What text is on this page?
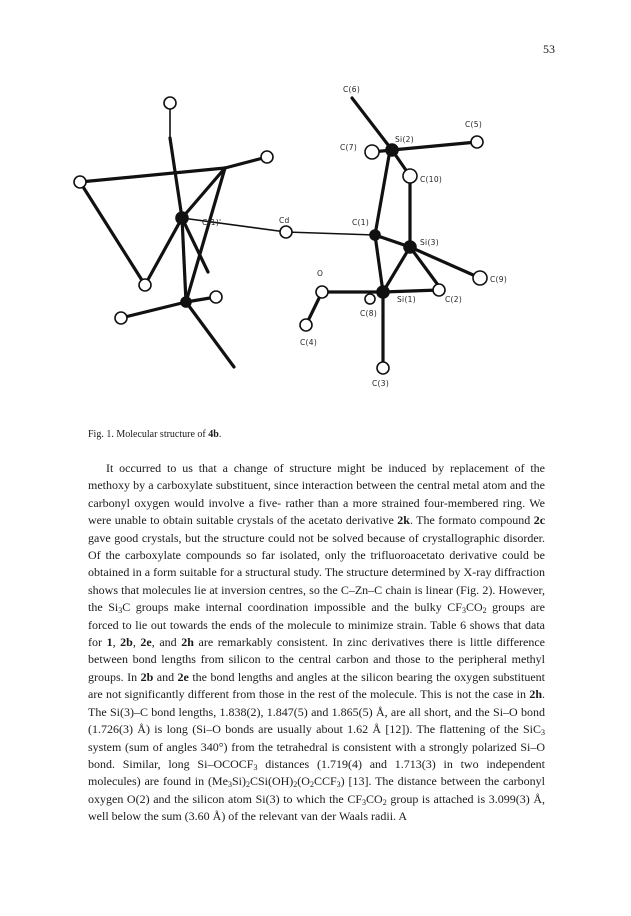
53
C(6)
C(5)
C(7)
Si(2)
C(10)
C(1)'	Cd	C(1)
Si(3)
C(9)
O
Si(1)	C(2)
C(8)
C(4)
C(3)
Fig. 1. Molecular structure of 4b.

It occurred to us that a change of structure might be induced by replacement of the methoxy by a carboxylate substituent, since interaction between the central metal atom and the carbonyl oxygen would involve a five- rather than a more strained four-membered ring. We were unable to obtain suitable crystals of the acetato derivative 2k. The formato compound 2c gave good crystals, but the structure could not be solved because of crystallographic disorder. Of the carboxylate compounds so far isolated, only the trifluoroacetato derivative could be obtained in a form suitable for a structural study. The structure determined by X-ray diffraction shows that molecules lie at inversion centres, so the C–Zn–C chain is linear (Fig. 2). However, the $Si_3C$ groups make internal coordination impossible and the bulky $CF_3CO_2$ groups are forced to lie out towards the ends of the molecule to minimize strain. Table 6 shows that data for 1, 2b, 2e, and 2h are remarkably consistent. In zinc derivatives there is little difference between bond lengths from silicon to the central carbon and those to the peripheral methyl groups. In 2b and 2e the bond lengths and angles at the silicon bearing the oxygen substituent are not significantly different from those in the rest of the molecule. This is not the case in 2h. The Si(3)–C bond lengths, 1.838(2), 1.847(5) and 1.865(5) Å, are all short, and the Si–O bond (1.726(3) Å) is long (Si–O bonds are usually about 1.62 Å [12]). The flattening of the SiC$_3$ system (sum of angles 340°) from the tetrahedral is consistent with a strongly polarized Si–O bond. Similar, long $Si-OCOCF_3$ distances (1.719(4) and 1.713(3) in two independent molecules) are found in $(Me_3Si)_2CSi(OH)_2(O_2CCF_3)$ [13]. The distance between the carbonyl oxygen O(2) and the silicon atom Si(3) to which the $CF_3CO_2$ group is attached is 3.099(3) Å, well below the sum (3.60 Å) of the relevant van der Waals radii. A
